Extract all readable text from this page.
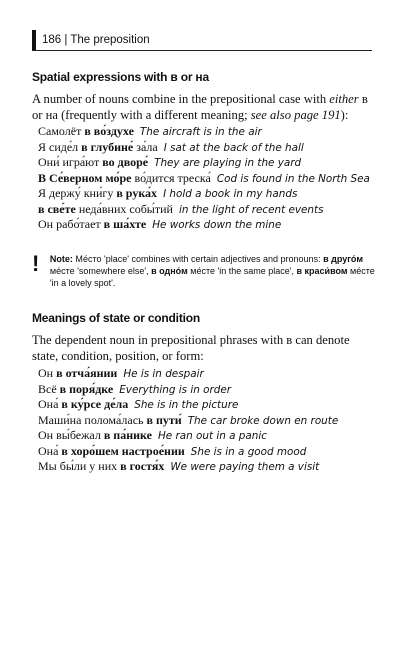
186 | The preposition
Spatial expressions with в or на
A number of nouns combine in the prepositional case with either в or на (frequently with a different meaning; see also page 191):
Самолёт в во́здухе The aircraft is in the air
Я сиде́л в глубине́ за́ла I sat at the back of the hall
Они́ игра́ют во дворе́ They are playing in the yard
В Се́верном мо́ре во́дится треска́ Cod is found in the North Sea
Я держу́ кни́гу в рука́х I hold a book in my hands
в све́те неда́вних собы́тий in the light of recent events
Он рабо́тает в ша́хте He works down the mine
!	Note: Ме́сто 'place' combines with certain adjectives and pronouns: в друго́м ме́сте 'somewhere else', в одно́м ме́сте 'in the same place', в краси́вом ме́сте 'in a lovely spot'.
Meanings of state or condition
The dependent noun in prepositional phrases with в can denote state, condition, position, or form:
Он в отча́янии He is in despair
Всё в поря́дке Everything is in order
Она́ в ку́рсе де́ла She is in the picture
Маши́на полома́лась в пути́ The car broke down en route
Он вы́бежал в па́нике He ran out in a panic
Она́ в хоро́шем настрое́нии She is in a good mood
Мы бы́ли у них в гостя́х We were paying them a visit
